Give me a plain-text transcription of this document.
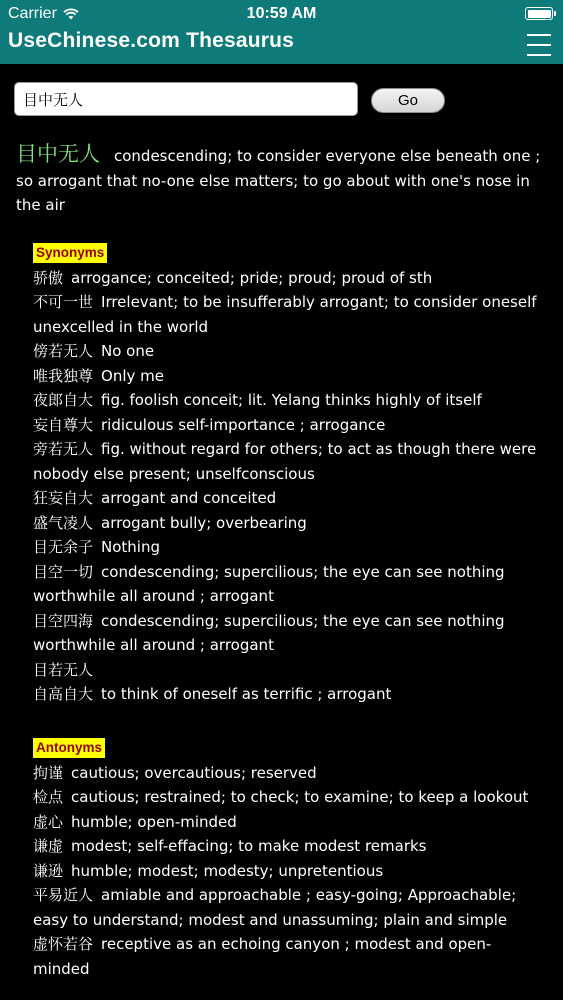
Carrier	10:59 AM
UseChinese.com Thesaurus
目中无人
Go
目中无人 condescending; to consider everyone else beneath one ; so arrogant that no-one else matters; to go about with one's nose in the air
Synonyms
骄傲 arrogance; conceited; pride; proud; proud of sth
不可一世 Irrelevant; to be insufferably arrogant; to consider oneself unexcelled in the world
傍若无人 No one
唯我独尊 Only me
夜郎自大 fig. foolish conceit; lit. Yelang thinks highly of itself
妄自尊大 ridiculous self-importance ; arrogance
旁若无人 fig. without regard for others; to act as though there were nobody else present; unselfconscious
狂妄自大 arrogant and conceited
盛气凌人 arrogant bully; overbearing
目无余子 Nothing
目空一切 condescending; supercilious; the eye can see nothing worthwhile all around ; arrogant
目空四海 condescending; supercilious; the eye can see nothing worthwhile all around ; arrogant
目若无人
自高自大 to think of oneself as terrific ; arrogant
Antonyms
拘谨 cautious; overcautious; reserved
检点 cautious; restrained; to check; to examine; to keep a lookout
虚心 humble; open-minded
谦虚 modest; self-effacing; to make modest remarks
谦逊 humble; modest; modesty; unpretentious
平易近人 amiable and approachable ; easy-going; Approachable; easy to understand; modest and unassuming; plain and simple
虚怀若谷 receptive as an echoing canyon ; modest and open-minded
